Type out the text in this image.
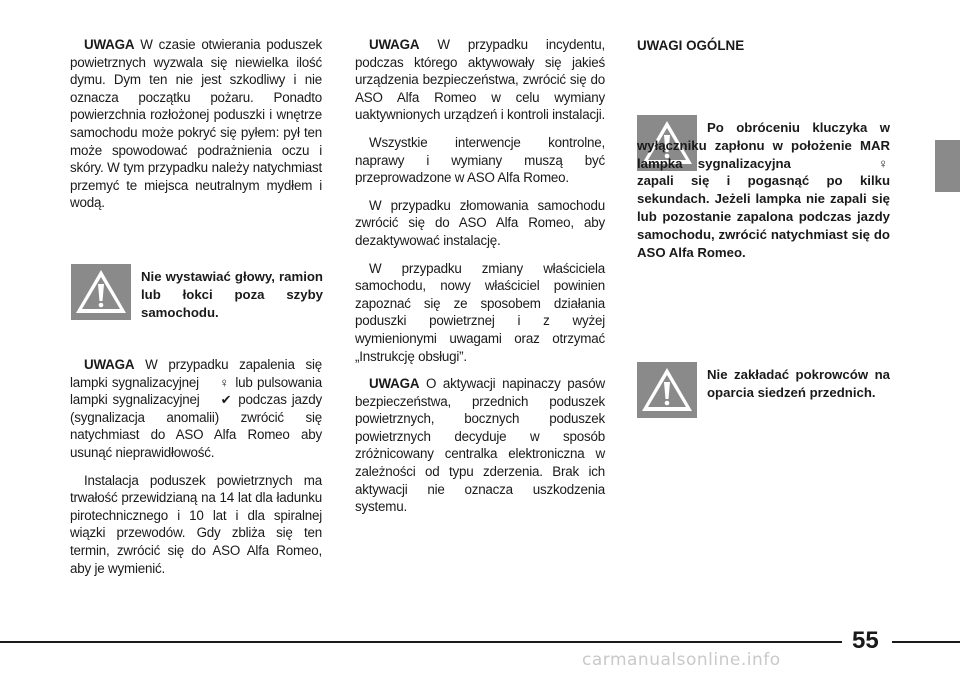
UWAGA W czasie otwierania poduszek powietrznych wyzwala się niewielka ilość dymu. Dym ten nie jest szkodliwy i nie oznacza początku pożaru. Ponadto powierzchnia rozłożonej poduszki i wnętrze samochodu może pokryć się pyłem: pył ten może spowodować podrażnienia oczu i skóry. W tym przypadku należy natychmiast przemyć te miejsca neutralnym mydłem i wodą.

Nie wystawiać głowy, ramion lub łokci poza szyby samochodu.

UWAGA W przypadku zapalenia się lampki sygnalizacyjnej ♀ lub pulsowania lampki sygnalizacyjnej ✔ podczas jazdy (sygnalizacja anomalii) zwrócić się natychmiast do ASO Alfa Romeo aby usunąć nieprawidłowość.

Instalacja poduszek powietrznych ma trwałość przewidzianą na 14 lat dla ładunku pirotechnicznego i 10 lat i dla spiralnej wiązki przewodów. Gdy zbliża się ten termin, zwrócić się do ASO Alfa Romeo, aby je wymienić.

UWAGA W przypadku incydentu, podczas którego aktywowały się jakieś urządzenia bezpieczeństwa, zwrócić się do ASO Alfa Romeo w celu wymiany uaktywnionych urządzeń i kontroli instalacji.

Wszystkie interwencje kontrolne, naprawy i wymiany muszą być przeprowadzone w ASO Alfa Romeo.

W przypadku złomowania samochodu zwrócić się do ASO Alfa Romeo, aby dezaktywować instalację.

W przypadku zmiany właściciela samochodu, nowy właściciel powinien zapoznać się ze sposobem działania poduszki powietrznej i z wyżej wymienionymi uwagami oraz otrzymać „Instrukcję obsługi”.

UWAGA O aktywacji napinaczy pasów bezpieczeństwa, przednich poduszek powietrznych, bocznych poduszek powietrznych decyduje w sposób zróżnicowany centralka elektroniczna w zależności od typu zderzenia. Brak ich aktywacji nie oznacza uszkodzenia systemu.

UWAGI OGÓLNE

Po obróceniu kluczyka w wyłączniku zapłonu w położenie MAR lampka sygnalizacyjna	♀ zapali się i pogasnąć po kilku sekundach. Jeżeli lampka nie zapali się lub pozostanie zapalona podczas jazdy samochodu, zwrócić natychmiast się do ASO Alfa Romeo.

Nie zakładać pokrowców na oparcia siedzeń przednich.

55
carmanualsonline.info
